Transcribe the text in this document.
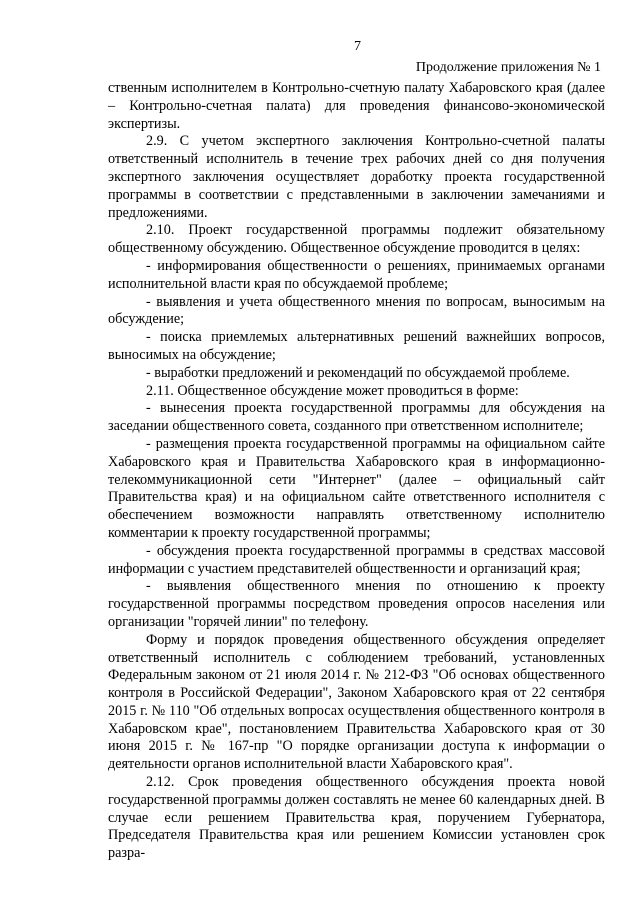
7
Продолжение приложения № 1

ственным исполнителем в Контрольно-счетную палату Хабаровского края (далее – Контрольно-счетная палата) для проведения финансово-экономической экспертизы.

2.9. С учетом экспертного заключения Контрольно-счетной палаты ответственный исполнитель в течение трех рабочих дней со дня получения экспертного заключения осуществляет доработку проекта государственной программы в соответствии с представленными в заключении замечаниями и предложениями.

2.10. Проект государственной программы подлежит обязательному общественному обсуждению. Общественное обсуждение проводится в целях:

- информирования общественности о решениях, принимаемых органами исполнительной власти края по обсуждаемой проблеме;

- выявления и учета общественного мнения по вопросам, выносимым на обсуждение;

- поиска приемлемых альтернативных решений важнейших вопросов, выносимых на обсуждение;

- выработки предложений и рекомендаций по обсуждаемой проблеме.

2.11. Общественное обсуждение может проводиться в форме:

- вынесения проекта государственной программы для обсуждения на заседании общественного совета, созданного при ответственном исполнителе;

- размещения проекта государственной программы на официальном сайте Хабаровского края и Правительства Хабаровского края в информационно-телекоммуникационной сети "Интернет" (далее – официальный сайт Правительства края) и на официальном сайте ответственного исполнителя с обеспечением возможности направлять ответственному исполнителю комментарии к проекту государственной программы;

- обсуждения проекта государственной программы в средствах массовой информации с участием представителей общественности и организаций края;

- выявления общественного мнения по отношению к проекту государственной программы посредством проведения опросов населения или организации "горячей линии" по телефону.

Форму и порядок проведения общественного обсуждения определяет ответственный исполнитель с соблюдением требований, установленных Федеральным законом от 21 июля 2014 г. № 212-ФЗ "Об основах общественного контроля в Российской Федерации", Законом Хабаровского края от 22 сентября 2015 г. № 110 "Об отдельных вопросах осуществления общественного контроля в Хабаровском крае", постановлением Правительства Хабаровского края от 30 июня 2015 г. № 167-пр "О порядке организации доступа к информации о деятельности органов исполнительной власти Хабаровского края".

2.12. Срок проведения общественного обсуждения проекта новой государственной программы должен составлять не менее 60 календарных дней. В случае если решением Правительства края, поручением Губернатора, Председателя Правительства края или решением Комиссии установлен срок разра-
